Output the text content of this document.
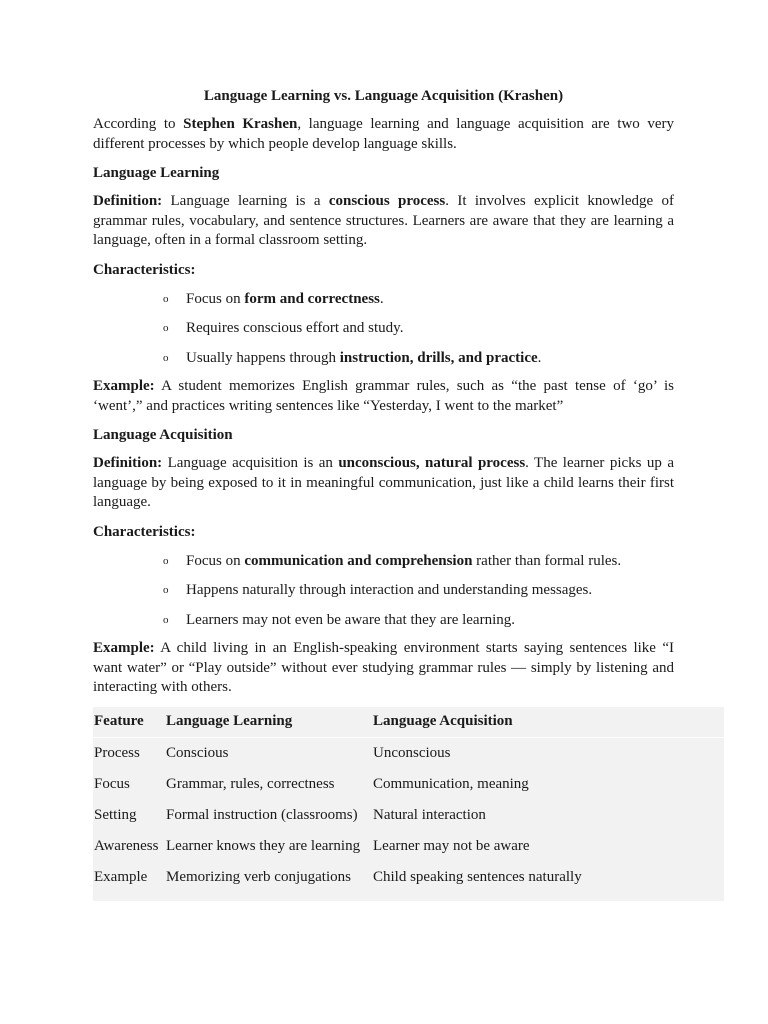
Language Learning vs. Language Acquisition (Krashen)

According to Stephen Krashen, language learning and language acquisition are two very different processes by which people develop language skills.

Language Learning

Definition: Language learning is a conscious process. It involves explicit knowledge of grammar rules, vocabulary, and sentence structures. Learners are aware that they are learning a language, often in a formal classroom setting.

Characteristics:
o Focus on form and correctness.
o Requires conscious effort and study.
o Usually happens through instruction, drills, and practice.

Example: A student memorizes English grammar rules, such as “the past tense of ‘go’ is ‘went’,” and practices writing sentences like “Yesterday, I went to the market”

Language Acquisition

Definition: Language acquisition is an unconscious, natural process. The learner picks up a language by being exposed to it in meaningful communication, just like a child learns their first language.

Characteristics:
o Focus on communication and comprehension rather than formal rules.
o Happens naturally through interaction and understanding messages.
o Learners may not even be aware that they are learning.

Example: A child living in an English-speaking environment starts saying sentences like “I want water” or “Play outside” without ever studying grammar rules — simply by listening and interacting with others.

Feature	Language Learning	Language Acquisition
Process	Conscious	Unconscious
Focus	Grammar, rules, correctness	Communication, meaning
Setting	Formal instruction (classrooms)	Natural interaction
Awareness	Learner knows they are learning	Learner may not be aware
Example	Memorizing verb conjugations	Child speaking sentences naturally
